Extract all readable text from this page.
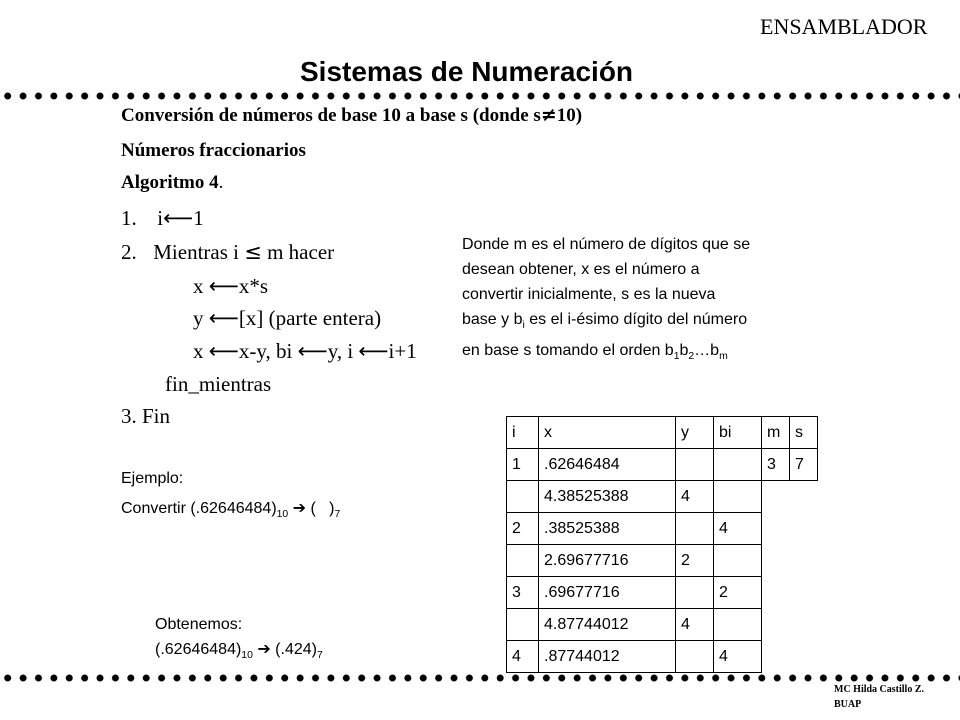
ENSAMBLADOR
Sistemas de Numeración
Conversión de números de base 10 a base s (donde s≠10)
Números fraccionarios
Algoritmo 4.
1. i⟵1
2. Mientras i ≤ m hacer
x ⟵x*s
y ⟵[x] (parte entera)
x ⟵x-y, bi ⟵y, i ⟵i+1
fin_mientras
3. Fin
Ejemplo:
Convertir $(.62646484)_{10}$ ➔ (   )$_7$
Donde m es el número de dígitos que se
desean obtener, x es el número a
convertir inicialmente, s es la nueva
base y $b_i$ es el i-ésimo dígito del número
en base s tomando el orden $b_1b_2\dots b_m$
i	x	y	bi	m	s
1	.62646484			3	7
	4.38525388	4			
2	.38525388		4		
	2.69677716	2			
3	.69677716		2		
	4.87744012	4			
4	.87744012		4		
Obtenemos:
$(.62646484)_{10}$ ➔ $(.424)_7$
MC Hilda Castillo Z.
BUAP
